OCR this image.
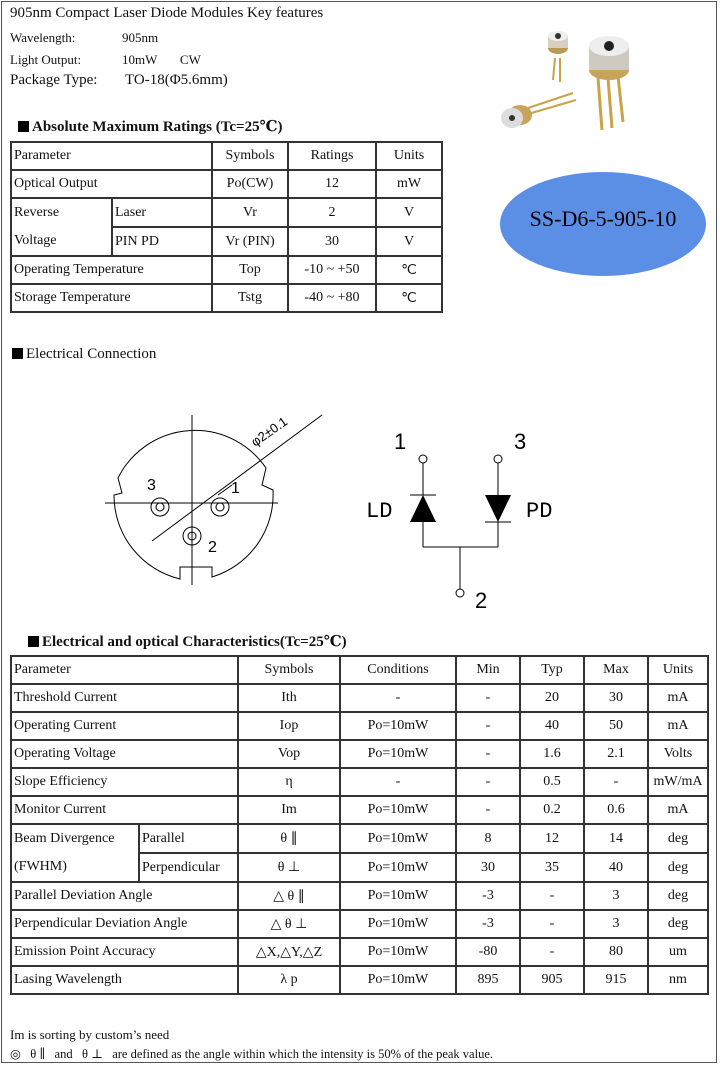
905nm Compact Laser Diode Modules Key features
Wavelength:	905nm
Light Output:	10mW       CW
Package Type: TO-18(Φ5.6mm)
Absolute Maximum Ratings (Tc=25℃)
Parameter		Symbols	Ratings	Units
Optical Output		Po(CW)	12	mW

Reverse
Voltage	Laser	Vr	2	V
	PIN PD	Vr (PIN)	30	V
Operating Temperature		Top	-10 ~ +50	℃
Storage Temperature		Tstg	-40 ~ +80	℃
SS-D6-5-905-10
Electrical Connection
φ2±0.1
3	1
2
1	3
2
LD	PD
Electrical and optical Characteristics(Tc=25℃)
Parameter		Symbols	Conditions	Min	Typ	Max	Units
Threshold Current		Ith	-	-	20	30	mA
Operating Current		Iop	Po=10mW	-	40	50	mA
Operating Voltage		Vop	Po=10mW	-	1.6	2.1	Volts
Slope Efficiency		η	-	-	0.5	-	mW/mA
Monitor Current		Im	Po=10mW	-	0.2	0.6	mA

Beam Divergence
(FWHM)	Parallel	θ ∥	Po=10mW	8	12	14	deg
	Perpendicular	θ ⊥	Po=10mW	30	35	40	deg
Parallel Deviation Angle		△ θ ∥	Po=10mW	-3	-	3	deg
Perpendicular Deviation Angle		△ θ ⊥	Po=10mW	-3	-	3	deg
Emission Point Accuracy		△X,△Y,△Z	Po=10mW	-80	-	80	um
Lasing Wavelength		λ p	Po=10mW	895	905	915	nm
Im is sorting by custom’s need
◎   θ ∥   and   θ ⊥   are defined as the angle within which the intensity is 50% of the peak value.
